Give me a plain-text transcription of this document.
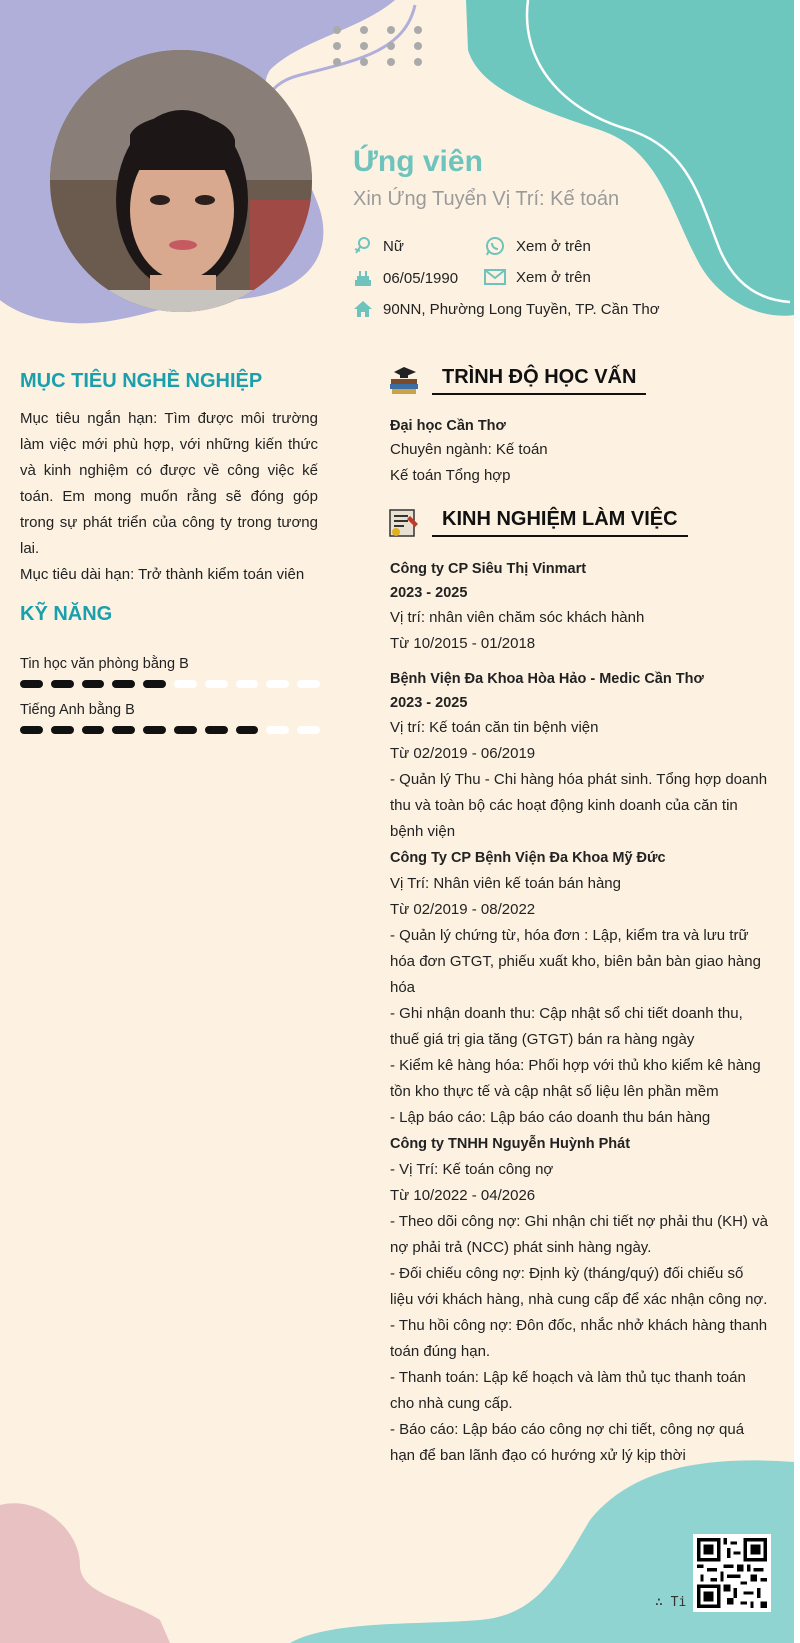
Ứng viên
Xin Ứng Tuyển Vị Trí: Kế toán
Nữ	Xem ở trên
06/05/1990	Xem ở trên
90NN, Phường Long Tuyền, TP. Cần Thơ
MỤC TIÊU NGHỀ NGHIỆP

Mục tiêu ngắn hạn: Tìm được môi trường làm việc mới phù hợp, với những kiến thức và kinh nghiệm có được về công việc kế toán. Em mong muốn rằng sẽ đóng góp trong sự phát triển của công ty trong tương lai.

Mục tiêu dài hạn: Trở thành kiểm toán viên

KỸ NĂNG
Tin học văn phòng bằng B
Tiếng Anh bằng B
TRÌNH ĐỘ HỌC VẤN
Đại học Cần Thơ
Chuyên ngành: Kế toán
Kế toán Tổng hợp
KINH NGHIỆM LÀM VIỆC
Công ty CP Siêu Thị Vinmart
2023 - 2025
Vị trí: nhân viên chăm sóc khách hành
Từ 10/2015 - 01/2018
Bệnh Viện Đa Khoa Hòa Hảo - Medic Cần Thơ
2023 - 2025
Vị trí: Kế toán căn tin bệnh viện
Từ 02/2019 - 06/2019
- Quản lý Thu - Chi hàng hóa phát sinh. Tổng hợp doanh thu và toàn bộ các hoạt động kinh doanh của căn tin bệnh viện
Công Ty CP Bệnh Viện Đa Khoa Mỹ Đức
Vị Trí: Nhân viên kế toán bán hàng
Từ 02/2019 - 08/2022
- Quản lý chứng từ, hóa đơn : Lập, kiểm tra và lưu trữ hóa đơn GTGT, phiếu xuất kho, biên bản bàn giao hàng hóa
- Ghi nhận doanh thu: Cập nhật sổ chi tiết doanh thu, thuế giá trị gia tăng (GTGT) bán ra hàng ngày
- Kiểm kê hàng hóa: Phối hợp với thủ kho kiểm kê hàng tồn kho thực tế và cập nhật số liệu lên phần mềm
- Lập báo cáo: Lập báo cáo doanh thu bán hàng
Công ty TNHH Nguyễn Huỳnh Phát
- Vị Trí: Kế toán công nợ
Từ 10/2022 - 04/2026
- Theo dõi công nợ: Ghi nhận chi tiết nợ phải thu (KH) và nợ phải trả (NCC) phát sinh hàng ngày.
- Đối chiếu công nợ: Định kỳ (tháng/quý) đối chiếu số liệu với khách hàng, nhà cung cấp để xác nhận công nợ.
- Thu hồi công nợ: Đôn đốc, nhắc nhở khách hàng thanh toán đúng hạn.
- Thanh toán: Lập kế hoạch và làm thủ tục thanh toán cho nhà cung cấp.
- Báo cáo: Lập báo cáo công nợ chi tiết, công nợ quá hạn để ban lãnh đạo có hướng xử lý kịp thời
∴ Ti
